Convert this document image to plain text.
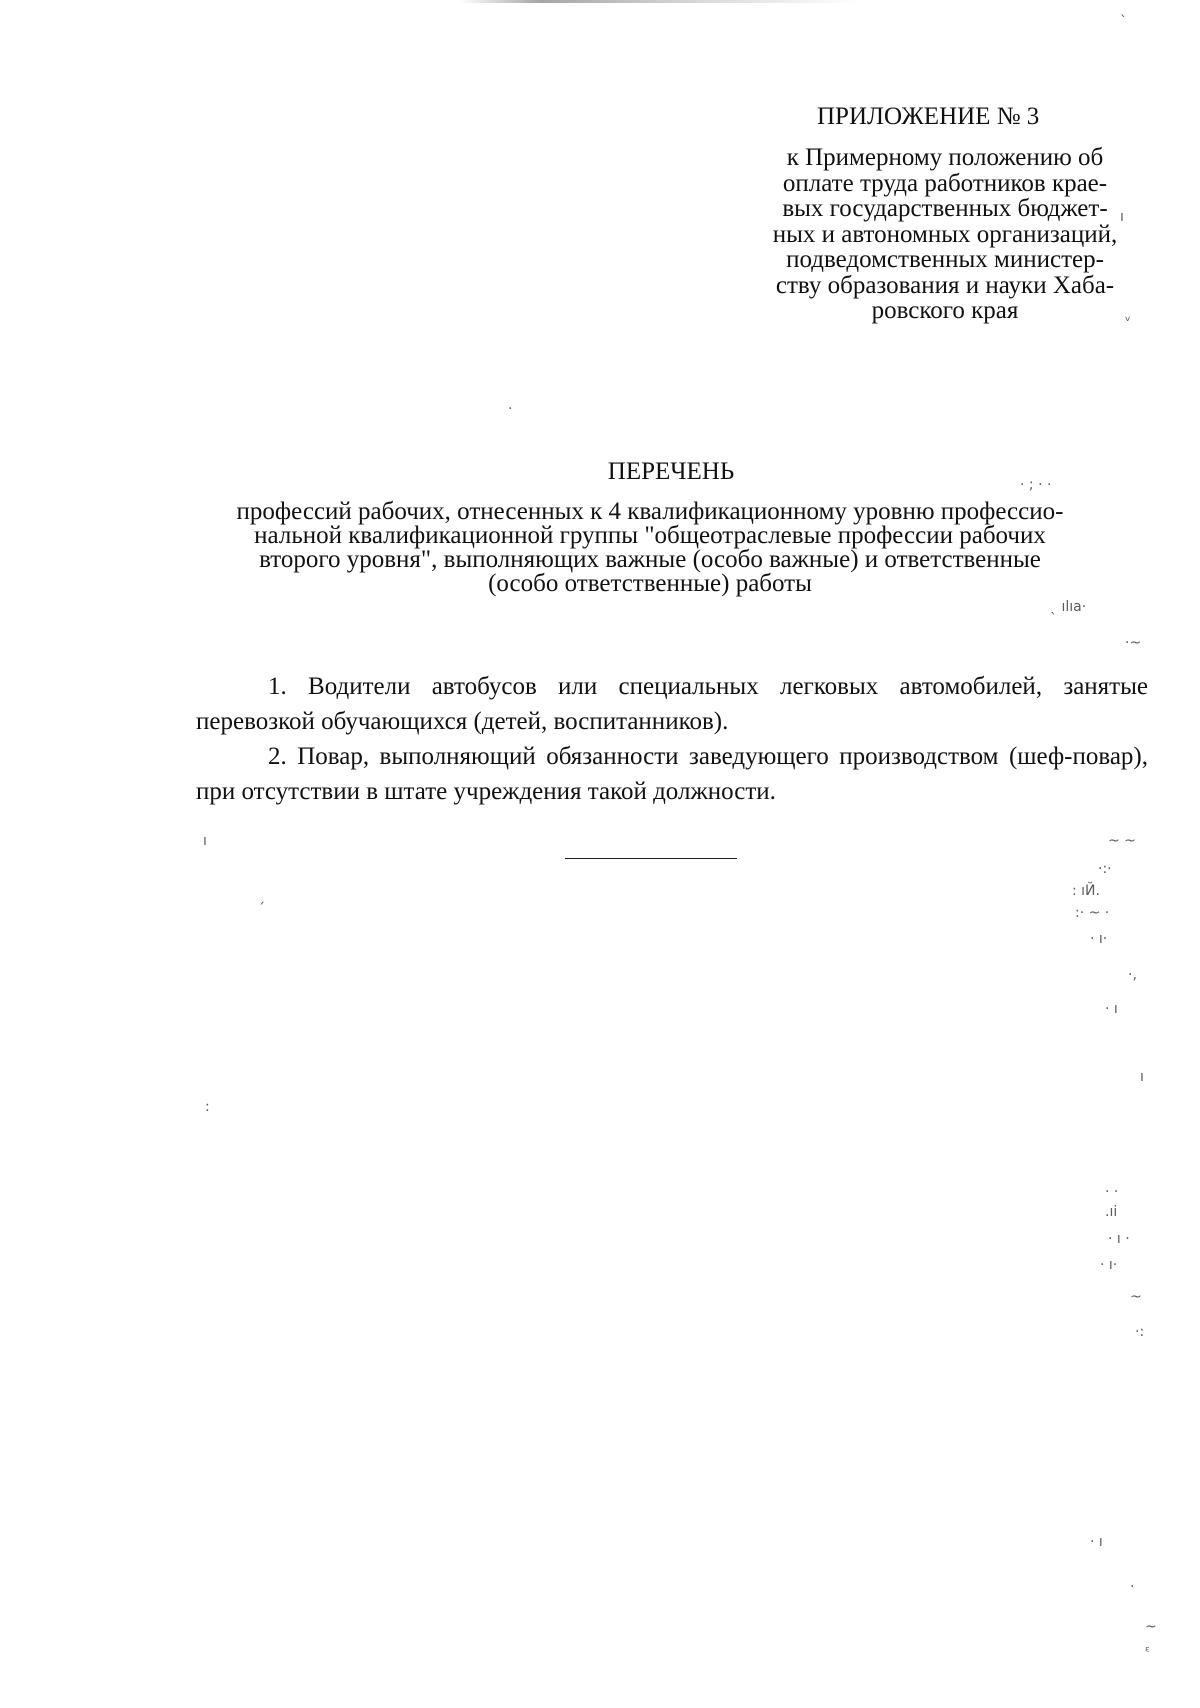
ПРИЛОЖЕНИЕ № 3
к Примерному положению об
оплате труда работников крае-
вых государственных бюджет-
ных и автономных организаций,
подведомственных министер-
ству образования и науки Хаба-
ровского края
ПЕРЕЧЕНЬ
профессий рабочих, отнесенных к 4 квалификационному уровню профессио-
нальной квалификационной группы "общеотраслевые профессии рабочих
второго уровня", выполняющих важные (особо важные) и ответственные
(особо ответственные) работы
1. Водители автобусов или специальных легковых автомобилей, занятые перевозкой обучающихся (детей, воспитанников).
2. Повар, выполняющий обязанности заведующего производством (шеф-повар), при отсутствии в штате учреждения такой должности.
`
ı
ᵥ
· ; · ·
ˎ ılıa·
·~
~ ~
·:·
: ıЙ.
:· ~ ·
· ı·
·,
· ı
ı
ı
ˏ
:
·
· ·
.ıi
· ı ·
· ı·
~
·:
· ı
·
~
ᵋ
